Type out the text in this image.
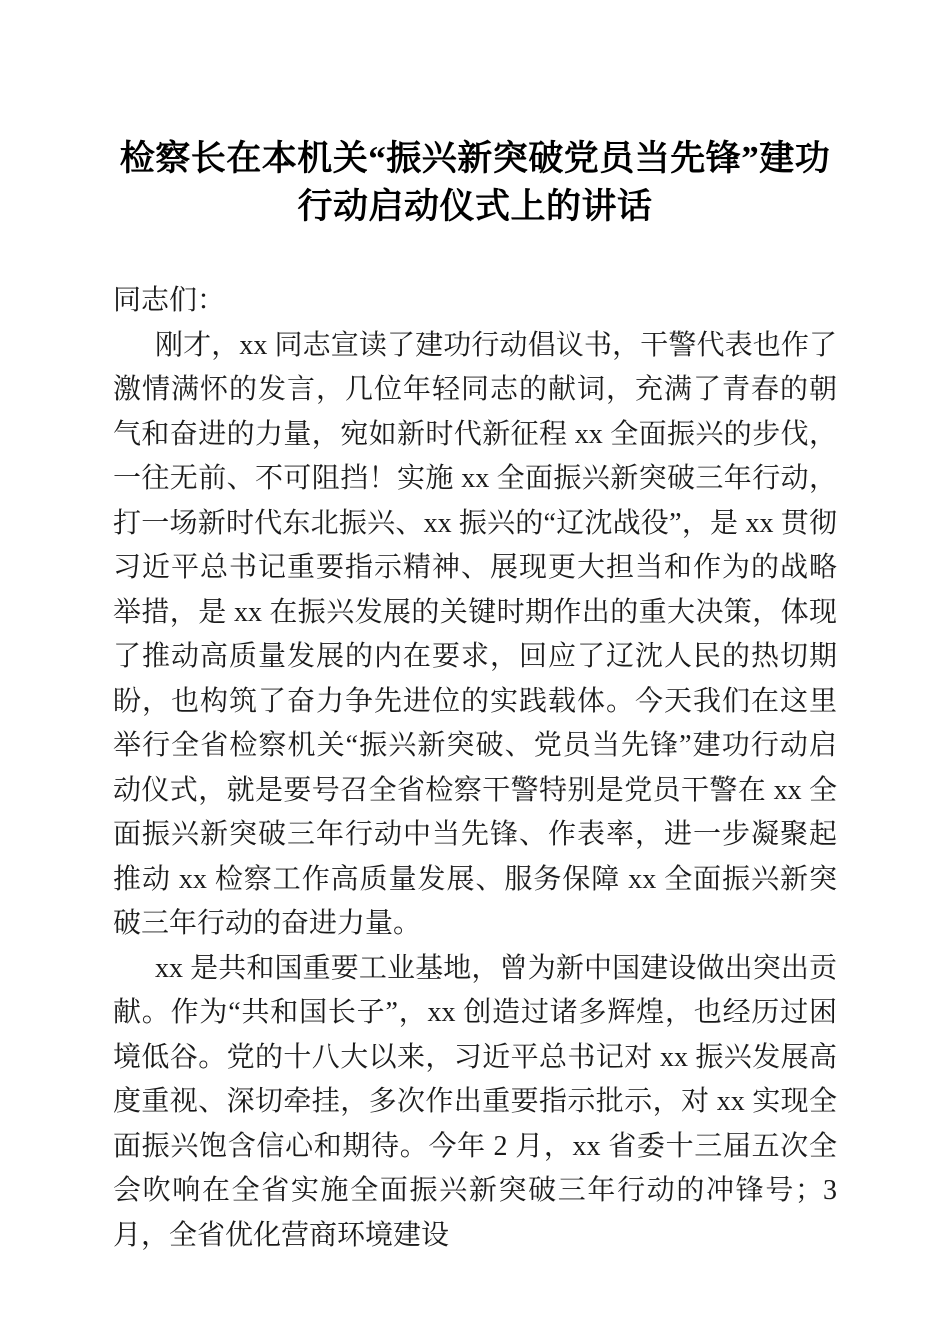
检察长在本机关“振兴新突破党员当先锋”建功行动启动仪式上的讲话

同志们：

刚才，xx 同志宣读了建功行动倡议书，干警代表也作了激情满怀的发言，几位年轻同志的献词，充满了青春的朝气和奋进的力量，宛如新时代新征程 xx 全面振兴的步伐，一往无前、不可阻挡！实施 xx 全面振兴新突破三年行动，打一场新时代东北振兴、xx 振兴的“辽沈战役”，是 xx 贯彻习近平总书记重要指示精神、展现更大担当和作为的战略举措，是 xx 在振兴发展的关键时期作出的重大决策，体现了推动高质量发展的内在要求，回应了辽沈人民的热切期盼，也构筑了奋力争先进位的实践载体。今天我们在这里举行全省检察机关“振兴新突破、党员当先锋”建功行动启动仪式，就是要号召全省检察干警特别是党员干警在 xx 全面振兴新突破三年行动中当先锋、作表率，进一步凝聚起推动 xx 检察工作高质量发展、服务保障 xx 全面振兴新突破三年行动的奋进力量。

xx 是共和国重要工业基地，曾为新中国建设做出突出贡献。作为“共和国长子”，xx 创造过诸多辉煌，也经历过困境低谷。党的十八大以来，习近平总书记对 xx 振兴发展高度重视、深切牵挂，多次作出重要指示批示，对 xx 实现全面振兴饱含信心和期待。今年 2 月，xx 省委十三届五次全会吹响在全省实施全面振兴新突破三年行动的冲锋号；3 月，全省优化营商环境建设
